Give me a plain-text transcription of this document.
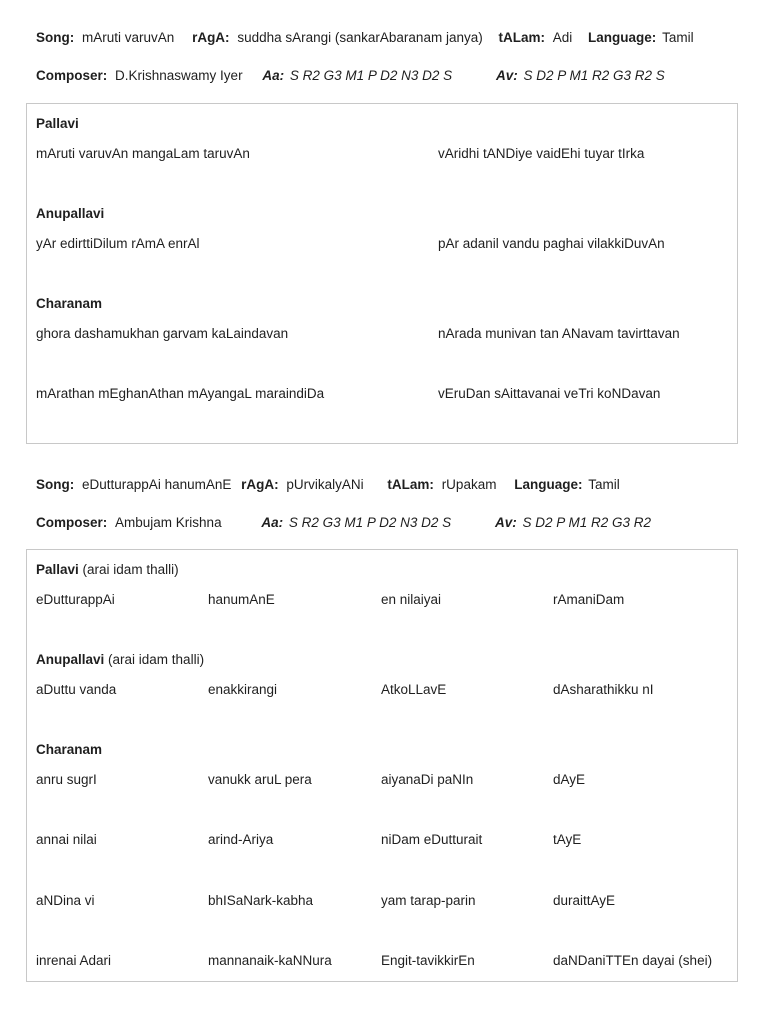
Song: mAruti varuvAn rAgA: suddha sArangi (sankarAbaranam janya) tALam: Adi Language: Tamil
Composer: D.Krishnaswamy Iyer Aa: S R2 G3 M1 P D2 N3 D2 S	Av: S D2 P M1 R2 G3 R2 S
Pallavi
mAruti varuvAn mangaLam taruvAn	vAridhi tANDiye vaidEhi tuyar tIrka
Anupallavi
yAr edirttiDilum rAmA enrAl	pAr adanil vandu paghai vilakkiDuvAn
Charanam
ghora dashamukhan garvam kaLaindavan	nArada munivan tan ANavam tavirttavan
mArathan mEghanAthan mAyangaL maraindiDa	vEruDan sAittavanai veTri koNDavan
Song: eDutturappAi hanumAnE rAgA: pUrvikalyANi tALam: rUpakam Language: Tamil
Composer: Ambujam Krishna	Aa: S R2 G3 M1 P D2 N3 D2 S	Av: S D2 P M1 R2 G3 R2
Pallavi (arai idam thalli)
eDutturappAi	hanumAnE	en nilaiyai	rAmaniDam
Anupallavi (arai idam thalli)
aDuttu vanda	enakkirangi	AtkoLLavE	dAsharathikku nI
Charanam
anru sugrI	vanukk aruL pera	aiyanaDi paNIn	dAyE
annai nilai	arind-Ariya	niDam eDutturait	tAyE
aNDina vi	bhISaNark-kabha	yam tarap-parin	duraittAyE
inrenai Adari	mannanaik-kaNNura	Engit-tavikkirEn	daNDaniTTEn dayai (shei)
